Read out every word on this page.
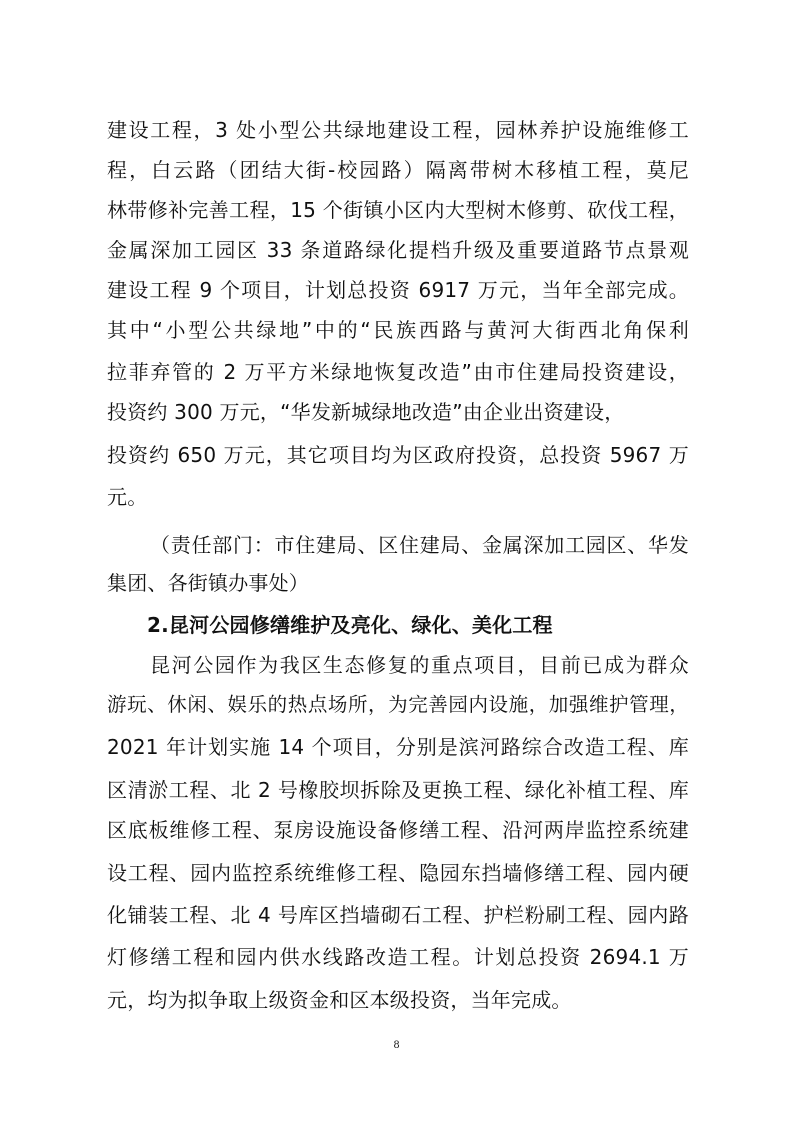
建设工程，3 处小型公共绿地建设工程，园林养护设施维修工
程，白云路（团结大街-校园路）隔离带树木移植工程，莫尼
林带修补完善工程，15 个街镇小区内大型树木修剪、砍伐工程，
金属深加工园区 33 条道路绿化提档升级及重要道路节点景观
建设工程 9 个项目，计划总投资 6917 万元，当年全部完成。
其中“小型公共绿地”中的“民族西路与黄河大街西北角保利
拉菲弃管的 2 万平方米绿地恢复改造”由市住建局投资建设，
投资约 300 万元，“华发新城绿地改造”由企业出资建设，
投资约 650 万元，其它项目均为区政府投资，总投资 5967 万
元。
（责任部门：市住建局、区住建局、金属深加工园区、华发
集团、各街镇办事处）
2.昆河公园修缮维护及亮化、绿化、美化工程
昆河公园作为我区生态修复的重点项目，目前已成为群众
游玩、休闲、娱乐的热点场所，为完善园内设施，加强维护管理，
2021 年计划实施 14 个项目，分别是滨河路综合改造工程、库
区清淤工程、北 2 号橡胶坝拆除及更换工程、绿化补植工程、库
区底板维修工程、泵房设施设备修缮工程、沿河两岸监控系统建
设工程、园内监控系统维修工程、隐园东挡墙修缮工程、园内硬
化铺装工程、北 4 号库区挡墙砌石工程、护栏粉刷工程、园内路
灯修缮工程和园内供水线路改造工程。计划总投资 2694.1 万
元，均为拟争取上级资金和区本级投资，当年完成。
8
